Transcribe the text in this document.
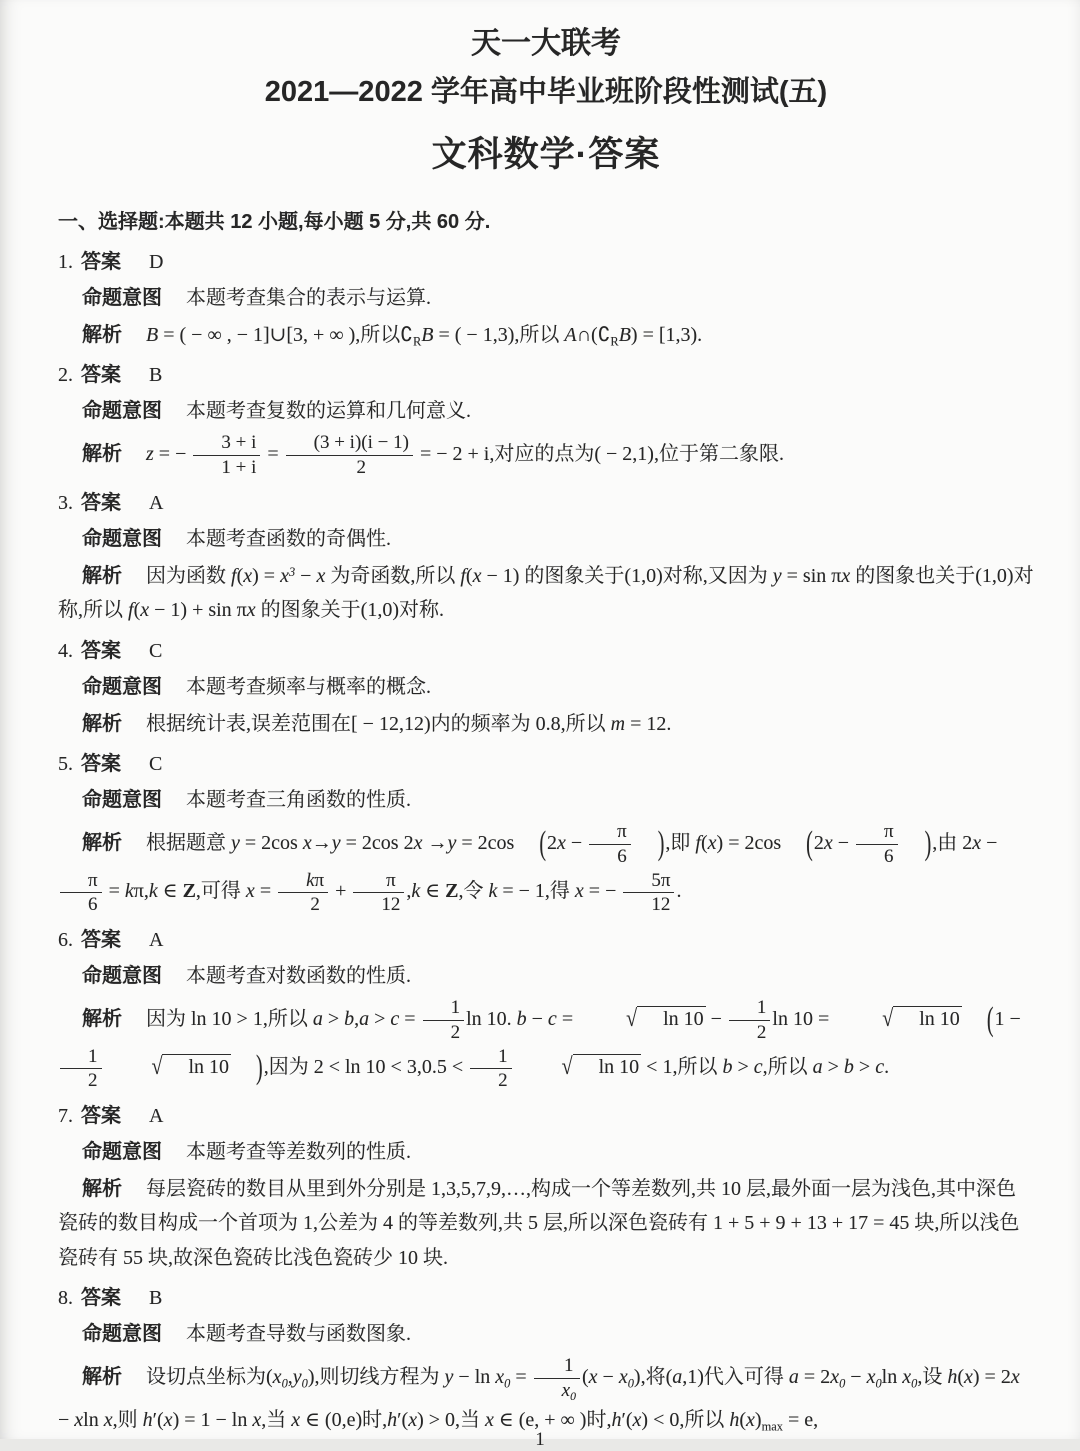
天一大联考
2021—2022 学年高中毕业班阶段性测试(五)
文科数学·答案
一、选择题:本题共 12 小题,每小题 5 分,共 60 分.

1. 答案 D

命题意图 本题考查集合的表示与运算.

解析 B = ( − ∞ , − 1]∪[3, + ∞ ),所以$∁_RB$ = ( − 1,3),所以 $A\cap(∁_RB) = [1,3)$.

2. 答案 B

命题意图 本题考查复数的运算和几何意义.

解析 z = − $\frac{3 + i}{1 + i} = \frac{(3 + i)(i - 1)}{2}$ = − 2 + i,对应的点为( − 2,1),位于第二象限.

3. 答案 A

命题意图 本题考查函数的奇偶性.

解析 因为函数 $f(x) = x^3 - x$ 为奇函数,所以 f(x − 1) 的图象关于(1,0)对称,又因为 y = sin πx 的图象也关于(1,0)对称,所以 f(x − 1) + sin πx 的图象关于(1,0)对称.

4. 答案 C

命题意图 本题考查频率与概率的概念.

解析 根据统计表,误差范围在[ − 12,12)内的频率为 0.8,所以 m = 12.

5. 答案 C

命题意图 本题考查三角函数的性质.

解析 根据题意 y = 2cos x→y = 2cos 2x →y = 2cos ($2x - \frac{\pi}{6}$ ),即 f(x) = 2cos ($2x - \frac{\pi}{6}$ ),由 2x −
$\frac{\pi}{6} = k\pi,k$ ∈ Z,可得 $x = \frac{k\pi}{2} + \frac{\pi}{12} ,k$ ∈ Z,令 k = − 1,得 x = − $\frac{5\pi}{12}$ .

6. 答案 A

命题意图 本题考查对数函数的性质.

解析 因为 ln 10 > 1,所以 $a > b,a > c = \frac{1}{2}$ ln 10. b − c = √ $\ln 10 - \frac{1}{2}$ ln 10 = √ ln 10 (1 −
$\frac{1}{2}$	√ ln 10 ),因为 $2 < \ln 10 < 3,0.5 < \frac{1}{2}$	√ ln 10 < 1,所以 b > c,所以 a > b > c.

7. 答案 A

命题意图 本题考查等差数列的性质.

解析 每层瓷砖的数目从里到外分别是 1,3,5,7,9,…,构成一个等差数列,共 10 层,最外面一层为浅色,其中深色瓷砖的数目构成一个首项为 1,公差为 4 的等差数列,共 5 层,所以深色瓷砖有 1 + 5 + 9 + 13 + 17 = 45 块,所以浅色瓷砖有 55 块,故深色瓷砖比浅色瓷砖少 10 块.

8. 答案 B

命题意图 本题考查导数与函数图象.

解析 设切点坐标为$(x_0,y_0)$,则切线方程为 $y - \ln x_0 = \frac{1}{x_0} (x - x_0)$,将(a,1)代入可得 $a = 2x_0 - x_0\ln$ $x_0$,设 h(x) = 2x − xln x,则 h′(x) = 1 − ln x,当 x ∈ (0,e)时,h′(x) > 0,当 x ∈ (e, + ∞ )时,h′(x) < 0,所以 $h(x)_{max} = e$,

1
